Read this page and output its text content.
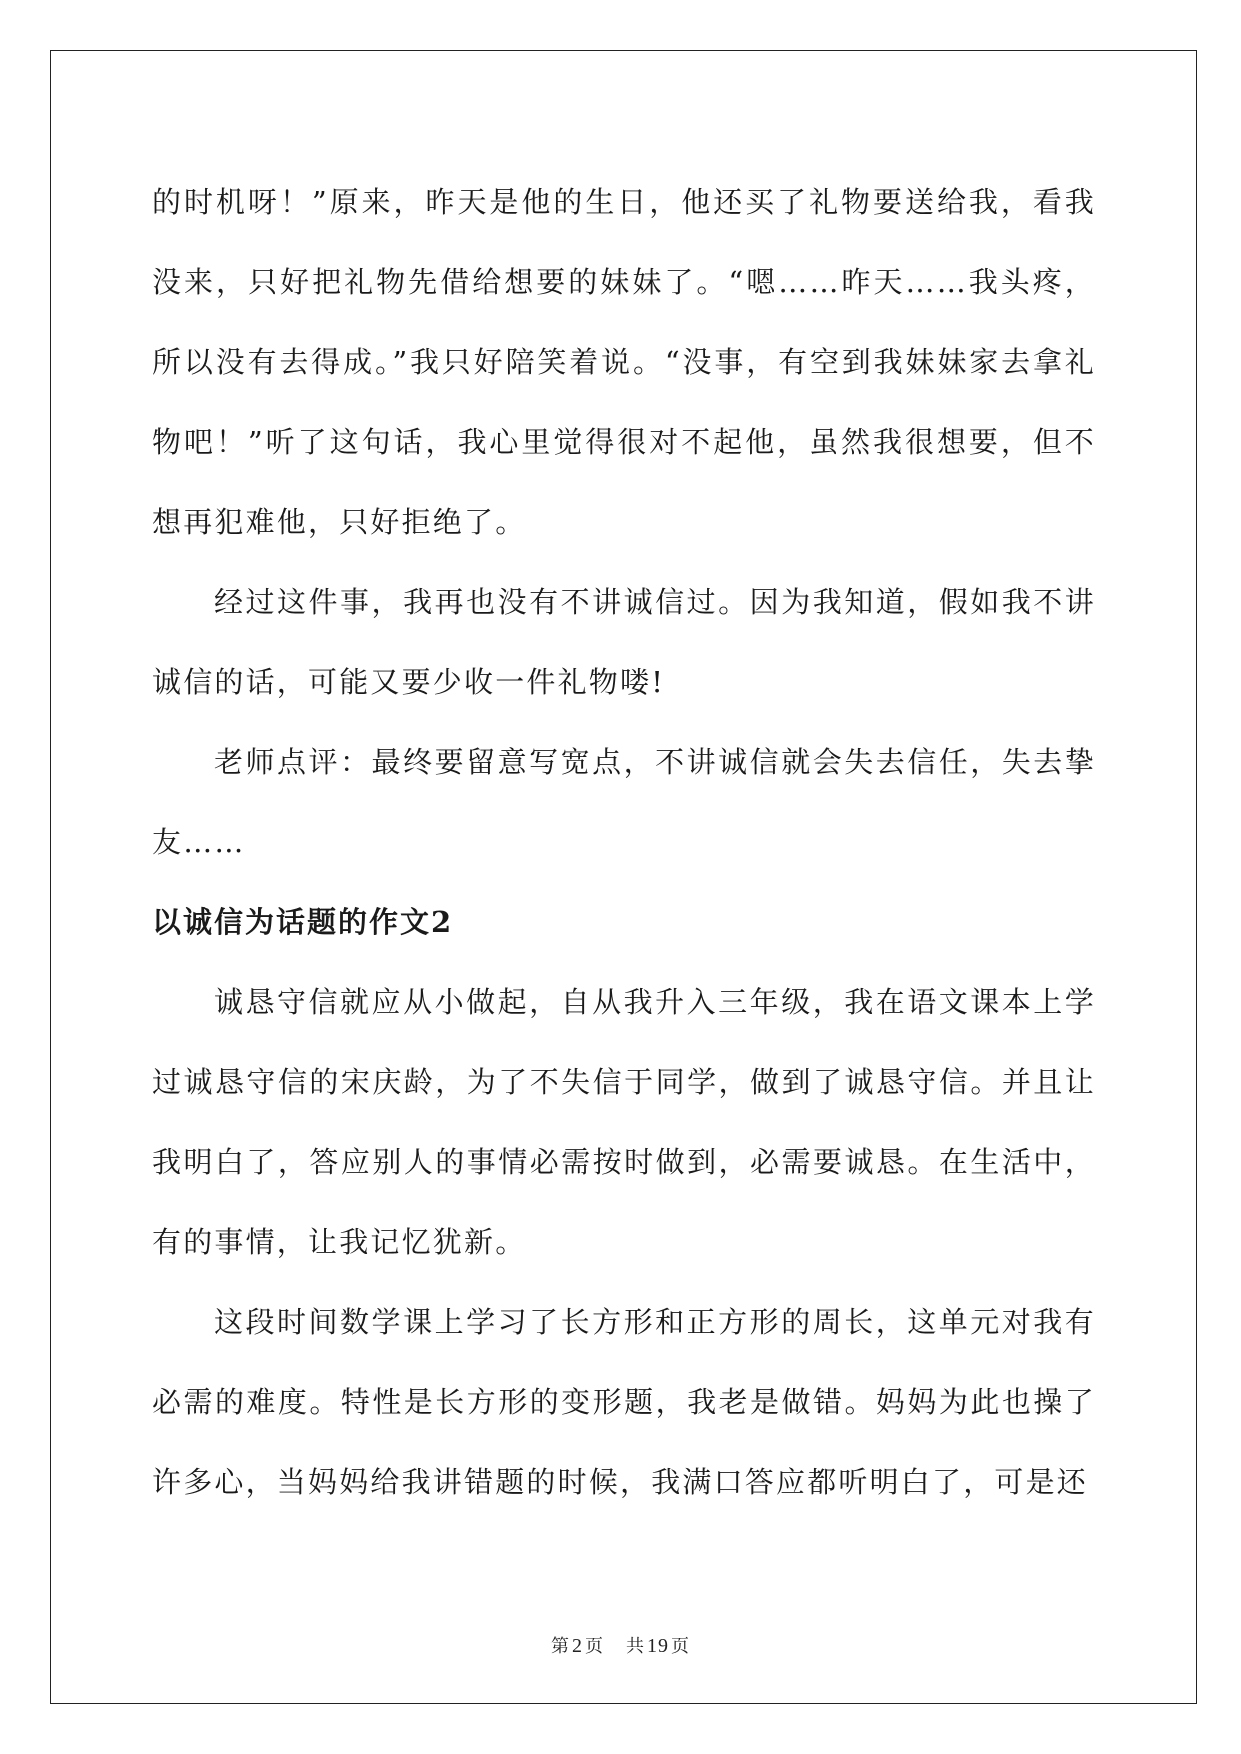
的时机呀！”原来，昨天是他的生日，他还买了礼物要送给我，看我没来，只好把礼物先借给想要的妹妹了。“嗯……昨天……我头疼，所以没有去得成。”我只好陪笑着说。“没事，有空到我妹妹家去拿礼物吧！”听了这句话，我心里觉得很对不起他，虽然我很想要，但不想再犯难他，只好拒绝了。

经过这件事，我再也没有不讲诚信过。因为我知道，假如我不讲诚信的话，可能又要少收一件礼物喽!

老师点评：最终要留意写宽点，不讲诚信就会失去信任，失去挚友……

以诚信为话题的作文2

诚恳守信就应从小做起，自从我升入三年级，我在语文课本上学过诚恳守信的宋庆龄，为了不失信于同学，做到了诚恳守信。并且让我明白了，答应别人的事情必需按时做到，必需要诚恳。在生活中，有的事情，让我记忆犹新。

这段时间数学课上学习了长方形和正方形的周长，这单元对我有必需的难度。特性是长方形的变形题，我老是做错。妈妈为此也操了许多心，当妈妈给我讲错题的时候，我满口答应都听明白了，可是还

第 2 页 共 19 页
